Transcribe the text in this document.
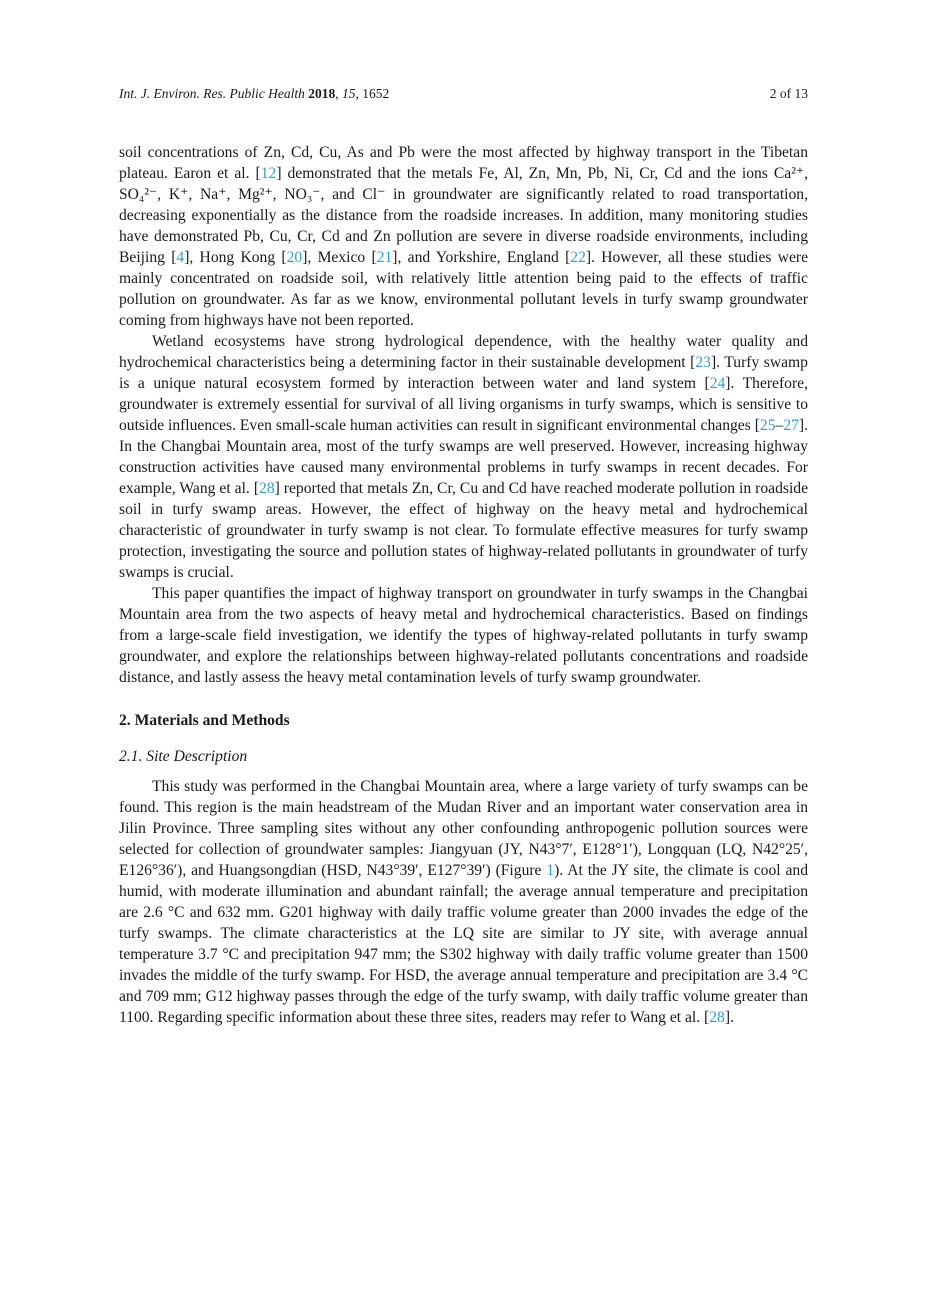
Int. J. Environ. Res. Public Health 2018, 15, 1652	2 of 13

soil concentrations of Zn, Cd, Cu, As and Pb were the most affected by highway transport in the Tibetan plateau. Earon et al. [12] demonstrated that the metals Fe, Al, Zn, Mn, Pb, Ni, Cr, Cd and the ions Ca²⁺, SO₄²⁻, K⁺, Na⁺, Mg²⁺, NO₃⁻, and Cl⁻ in groundwater are significantly related to road transportation, decreasing exponentially as the distance from the roadside increases. In addition, many monitoring studies have demonstrated Pb, Cu, Cr, Cd and Zn pollution are severe in diverse roadside environments, including Beijing [4], Hong Kong [20], Mexico [21], and Yorkshire, England [22]. However, all these studies were mainly concentrated on roadside soil, with relatively little attention being paid to the effects of traffic pollution on groundwater. As far as we know, environmental pollutant levels in turfy swamp groundwater coming from highways have not been reported.

Wetland ecosystems have strong hydrological dependence, with the healthy water quality and hydrochemical characteristics being a determining factor in their sustainable development [23]. Turfy swamp is a unique natural ecosystem formed by interaction between water and land system [24]. Therefore, groundwater is extremely essential for survival of all living organisms in turfy swamps, which is sensitive to outside influences. Even small-scale human activities can result in significant environmental changes [25–27]. In the Changbai Mountain area, most of the turfy swamps are well preserved. However, increasing highway construction activities have caused many environmental problems in turfy swamps in recent decades. For example, Wang et al. [28] reported that metals Zn, Cr, Cu and Cd have reached moderate pollution in roadside soil in turfy swamp areas. However, the effect of highway on the heavy metal and hydrochemical characteristic of groundwater in turfy swamp is not clear. To formulate effective measures for turfy swamp protection, investigating the source and pollution states of highway-related pollutants in groundwater of turfy swamps is crucial.

This paper quantifies the impact of highway transport on groundwater in turfy swamps in the Changbai Mountain area from the two aspects of heavy metal and hydrochemical characteristics. Based on findings from a large-scale field investigation, we identify the types of highway-related pollutants in turfy swamp groundwater, and explore the relationships between highway-related pollutants concentrations and roadside distance, and lastly assess the heavy metal contamination levels of turfy swamp groundwater.

2. Materials and Methods
2.1. Site Description

This study was performed in the Changbai Mountain area, where a large variety of turfy swamps can be found. This region is the main headstream of the Mudan River and an important water conservation area in Jilin Province. Three sampling sites without any other confounding anthropogenic pollution sources were selected for collection of groundwater samples: Jiangyuan (JY, N43°7′, E128°1′), Longquan (LQ, N42°25′, E126°36′), and Huangsongdian (HSD, N43°39′, E127°39′) (Figure 1). At the JY site, the climate is cool and humid, with moderate illumination and abundant rainfall; the average annual temperature and precipitation are 2.6 °C and 632 mm. G201 highway with daily traffic volume greater than 2000 invades the edge of the turfy swamps. The climate characteristics at the LQ site are similar to JY site, with average annual temperature 3.7 °C and precipitation 947 mm; the S302 highway with daily traffic volume greater than 1500 invades the middle of the turfy swamp. For HSD, the average annual temperature and precipitation are 3.4 °C and 709 mm; G12 highway passes through the edge of the turfy swamp, with daily traffic volume greater than 1100. Regarding specific information about these three sites, readers may refer to Wang et al. [28].
